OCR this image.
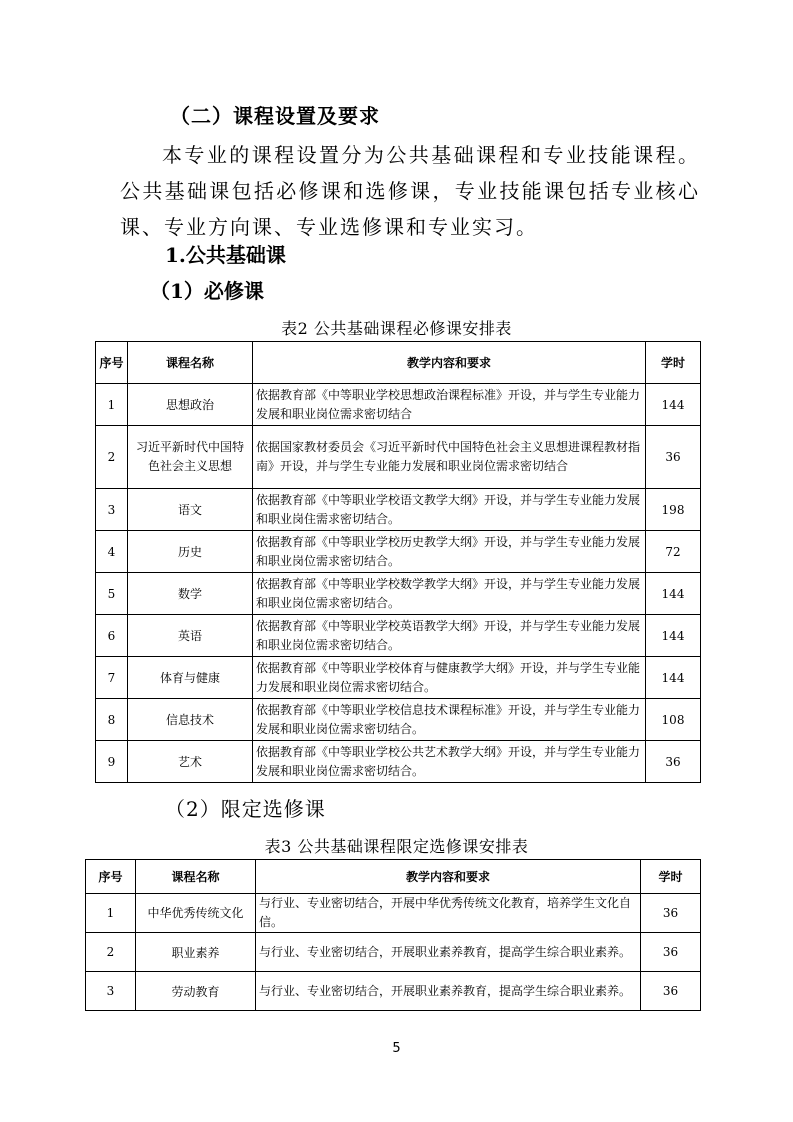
（二）课程设置及要求

本专业的课程设置分为公共基础课程和专业技能课程。公共基础课包括必修课和选修课，专业技能课包括专业核心课、专业方向课、专业选修课和专业实习。

1.公共基础课
（1）必修课
表2 公共基础课程必修课安排表
序号	课程名称	教学内容和要求	学时
1	思想政治	依据教育部《中等职业学校思想政治课程标准》开设，并与学生专业能力发展和职业岗位需求密切结合	144
2	习近平新时代中国特色社会主义思想	依据国家教材委员会《习近平新时代中国特色社会主义思想进课程教材指南》开设，并与学生专业能力发展和职业岗位需求密切结合	36
3	语文	依据教育部《中等职业学校语文教学大纲》开设，并与学生专业能力发展和职业岗住需求密切结合。	198
4	历史	依据教育部《中等职业学校历史教学大纲》开设，并与学生专业能力发展和职业岗位需求密切结合。	72
5	数学	依据教育部《中等职业学校数学教学大纲》开设，并与学生专业能力发展和职业岗位需求密切结合。	144
6	英语	依据教育部《中等职业学校英语教学大纲》开设，并与学生专业能力发展和职业岗位需求密切结合。	144
7	体育与健康	依据教育部《中等职业学校体育与健康教学大纲》开设，并与学生专业能力发展和职业岗位需求密切结合。	144
8	信息技术	依据教育部《中等职业学校信息技术课程标准》开设，并与学生专业能力发展和职业岗位需求密切结合。	108
9	艺术	依据教育部《中等职业学校公共艺术教学大纲》开设，并与学生专业能力发展和职业岗位需求密切结合。	36
（2）限定选修课
表3 公共基础课程限定选修课安排表
序号	课程名称	教学内容和要求	学时
1	中华优秀传统文化	与行业、专业密切结合，开展中华优秀传统文化教育，培养学生文化自信。	36
2	职业素养	与行业、专业密切结合，开展职业素养教育，提高学生综合职业素养。	36
3	劳动教育	与行业、专业密切结合，开展职业素养教育，提高学生综合职业素养。	36
5
